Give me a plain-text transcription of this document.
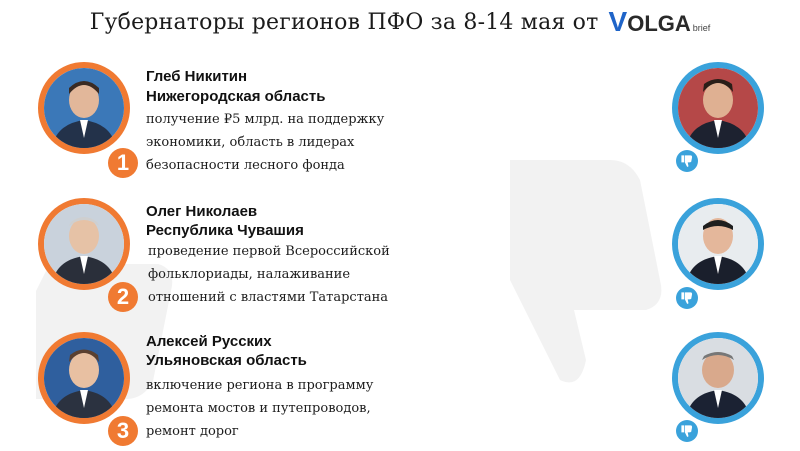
Губернаторы регионов ПФО за 8-14 мая от V OLGA brief
1
Глеб Никитин
Нижегородская область
получение ₽5 млрд. на поддержку
экономики, область в лидерах
безопасности лесного фонда
2
Олег Николаев
Республика Чувашия
проведение первой Всероссийской
фольклориады, налаживание
отношений с властями Татарстана
3
Алексей Русских
Ульяновская область
включение региона в программу
ремонта мостов и путепроводов,
ремонт дорог
